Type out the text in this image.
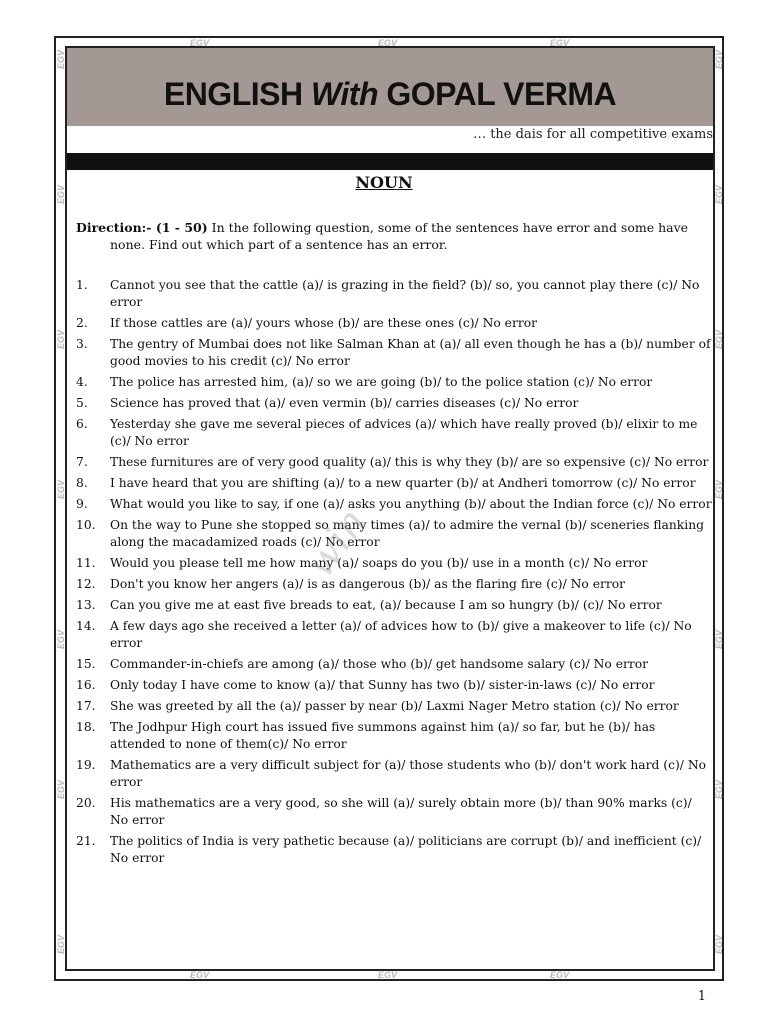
EGV	EGV	EGV
EGV	EGV	EGV
EGV
EGV
EGV
EGV
EGV
EGV
EGV
EGV
EGV
EGV
EGV
EGV
EGV
EGV
ENGLISH With GOPAL VERMA
… the dais for all competitive exams
NOUN
Direction:- (1 - 50) In the following question, some of the sentences have error and some have
none. Find out which part of a sentence has an error.
1. Cannot you see that the cattle (a)/ is grazing in the field? (b)/ so, you cannot play there (c)/ No error
2. If those cattles are (a)/ yours whose (b)/ are these ones (c)/ No error
3. The gentry of Mumbai does not like Salman Khan at (a)/ all even though he has a (b)/ number of good movies to his credit (c)/ No error
4. The police has arrested him, (a)/ so we are going (b)/ to the police station (c)/ No error
5. Science has proved that (a)/ even vermin (b)/ carries diseases (c)/ No error
6. Yesterday she gave me several pieces of advices (a)/ which have really proved (b)/ elixir to me (c)/ No error
7. These furnitures are of very good quality (a)/ this is why they (b)/ are so expensive (c)/ No error
8. I have heard that you are shifting (a)/ to a new quarter (b)/ at Andheri tomorrow (c)/ No error
9. What would you like to say, if one (a)/ asks you anything (b)/ about the Indian force (c)/ No error
10. On the way to Pune she stopped so many times (a)/ to admire the vernal (b)/ sceneries flanking along the macadamized roads (c)/ No error
11. Would you please tell me how many (a)/ soaps do you (b)/ use in a month (c)/ No error
12. Don't you know her angers (a)/ is as dangerous (b)/ as the flaring fire (c)/ No error
13. Can you give me at east five breads to eat, (a)/ because I am so hungry (b)/ (c)/ No error
14. A few days ago she received a letter (a)/ of advices how to (b)/ give a makeover to life (c)/ No error
15. Commander-in-chiefs are among (a)/ those who (b)/ get handsome salary (c)/ No error
16. Only today I have come to know (a)/ that Sunny has two (b)/ sister-in-laws (c)/ No error
17. She was greeted by all the (a)/ passer by near (b)/ Laxmi Nager Metro station (c)/ No error
18. The Jodhpur High court has issued five summons against him (a)/ so far, but he (b)/ has attended to none of them(c)/ No error
19. Mathematics are a very difficult subject for (a)/ those students who (b)/ don't work hard (c)/ No error
20. His mathematics are a very good, so she will (a)/ surely obtain more (b)/ than 90% marks (c)/ No error
21. The politics of India is very pathetic because (a)/ politicians are corrupt (b)/ and inefficient (c)/ No error
win
1
